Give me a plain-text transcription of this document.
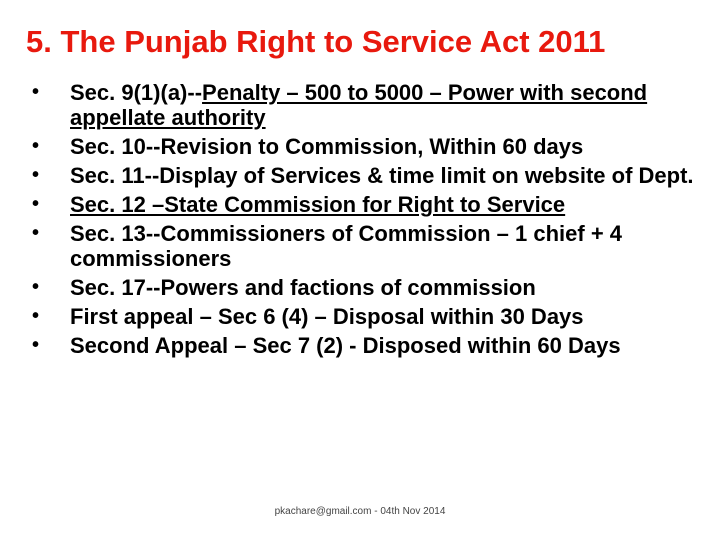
5. The Punjab Right to Service Act 2011
•	Sec. 9(1)(a)--Penalty – 500 to 5000 – Power with second appellate authority
•	Sec. 10--Revision to Commission, Within 60 days
•	Sec. 11--Display of Services & time limit on website of Dept.
•	Sec. 12 –State Commission for Right to Service
•	Sec. 13--Commissioners of Commission – 1 chief + 4 commissioners
•	Sec. 17--Powers and factions of commission
•	First appeal – Sec 6 (4) – Disposal within 30 Days
•	Second Appeal – Sec 7 (2) - Disposed within 60 Days
pkachare@gmail.com - 04th Nov 2014
